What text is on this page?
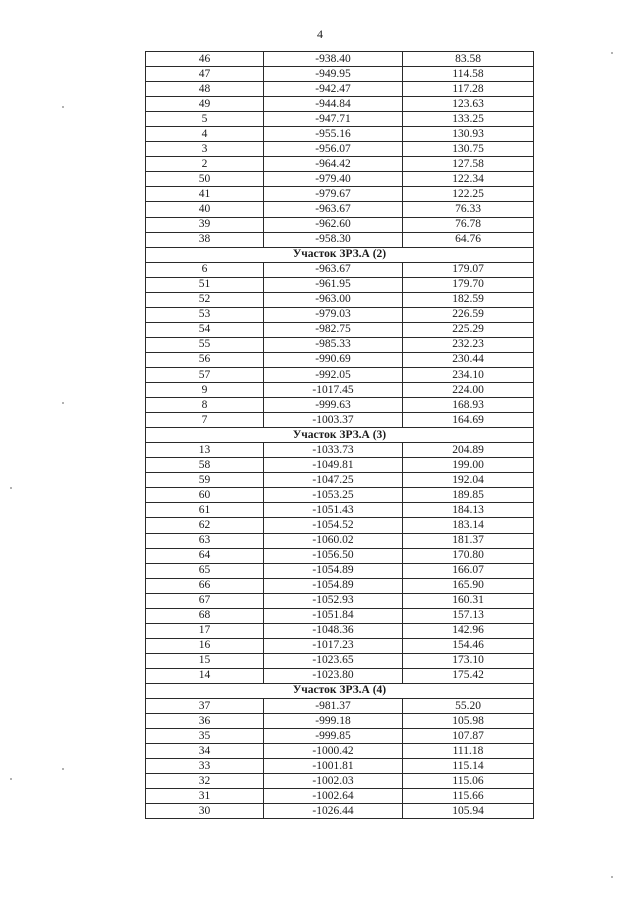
4
46	-938.40	83.58
47	-949.95	114.58
48	-942.47	117.28
49	-944.84	123.63
5	-947.71	133.25
4	-955.16	130.93
3	-956.07	130.75
2	-964.42	127.58
50	-979.40	122.34
41	-979.67	122.25
40	-963.67	76.33
39	-962.60	76.78
38	-958.30	64.76
Участок ЗРЗ.А (2)		
6	-963.67	179.07
51	-961.95	179.70
52	-963.00	182.59
53	-979.03	226.59
54	-982.75	225.29
55	-985.33	232.23
56	-990.69	230.44
57	-992.05	234.10
9	-1017.45	224.00
8	-999.63	168.93
7	-1003.37	164.69
Участок ЗРЗ.А (3)		
13	-1033.73	204.89
58	-1049.81	199.00
59	-1047.25	192.04
60	-1053.25	189.85
61	-1051.43	184.13
62	-1054.52	183.14
63	-1060.02	181.37
64	-1056.50	170.80
65	-1054.89	166.07
66	-1054.89	165.90
67	-1052.93	160.31
68	-1051.84	157.13
17	-1048.36	142.96
16	-1017.23	154.46
15	-1023.65	173.10
14	-1023.80	175.42
Участок ЗРЗ.А (4)		
37	-981.37	55.20
36	-999.18	105.98
35	-999.85	107.87
34	-1000.42	111.18
33	-1001.81	115.14
32	-1002.03	115.06
31	-1002.64	115.66
30	-1026.44	105.94
